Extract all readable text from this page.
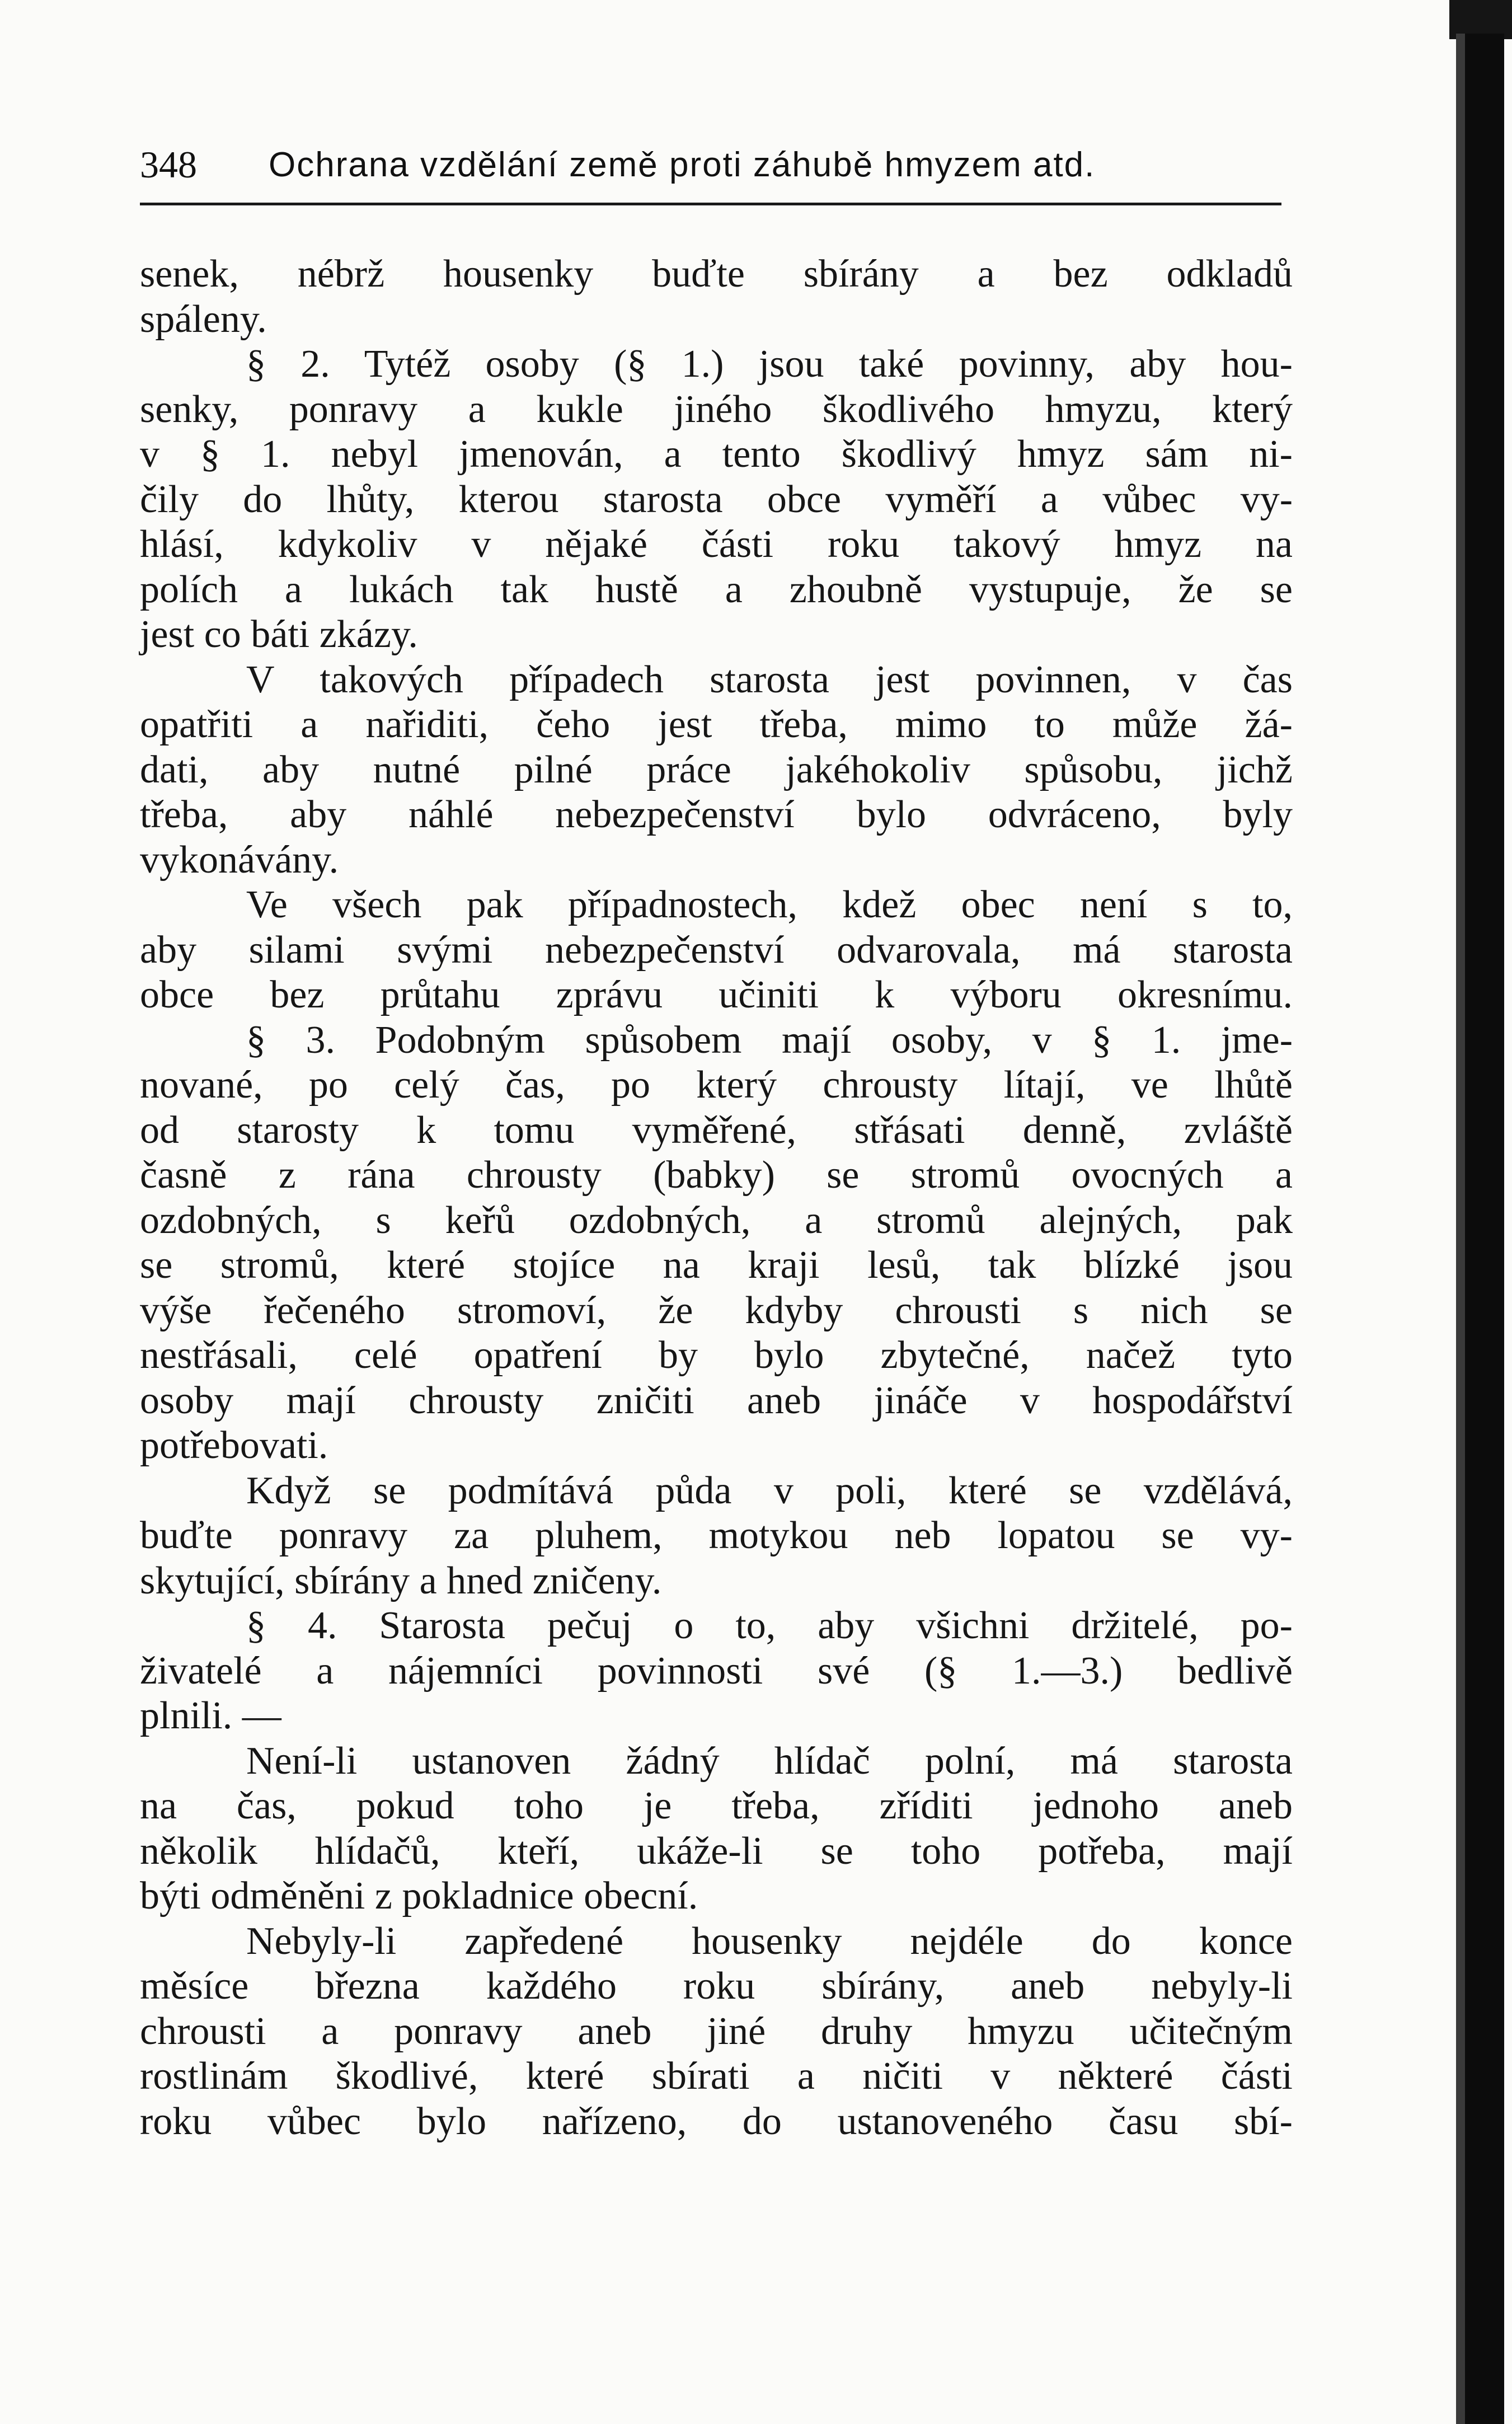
348 Ochrana vzdělání země proti záhubě hmyzem atd.
senek, nébrž housenky buďte sbírány a bez odkladů
spáleny.
§ 2. Tytéž osoby (§ 1.) jsou také povinny, aby hou-
senky, ponravy a kukle jiného škodlivého hmyzu, který
v § 1. nebyl jmenován, a tento škodlivý hmyz sám ni-
čily do lhůty, kterou starosta obce vyměří a vůbec vy-
hlásí, kdykoliv v nějaké části roku takový hmyz na
polích a lukách tak hustě a zhoubně vystupuje, že se
jest co báti zkázy.
V takových případech starosta jest povinnen, v čas
opatřiti a nařiditi, čeho jest třeba, mimo to může žá-
dati, aby nutné pilné práce jakéhokoliv spůsobu, jichž
třeba, aby náhlé nebezpečenství bylo odvráceno, byly
vykonávány.
Ve všech pak případnostech, kdež obec není s to,
aby silami svými nebezpečenství odvarovala, má starosta
obce bez průtahu zprávu učiniti k výboru okresnímu.
§ 3. Podobným spůsobem mají osoby, v § 1. jme-
nované, po celý čas, po který chrousty lítají, ve lhůtě
od starosty k tomu vyměřené, střásati denně, zvláště
časně z rána chrousty (babky) se stromů ovocných a
ozdobných, s keřů ozdobných, a stromů alejných, pak
se stromů, které stojíce na kraji lesů, tak blízké jsou
výše řečeného stromoví, že kdyby chrousti s nich se
nestřásali, celé opatření by bylo zbytečné, načež tyto
osoby mají chrousty zničiti aneb jináče v hospodářství
potřebovati.
Když se podmítává půda v poli, které se vzdělává,
buďte ponravy za pluhem, motykou neb lopatou se vy-
skytující, sbírány a hned zničeny.
§ 4. Starosta pečuj o to, aby všichni držitelé, po-
živatelé a nájemníci povinnosti své (§ 1.—3.) bedlivě
plnili. —
Není-li ustanoven žádný hlídač polní, má starosta
na čas, pokud toho je třeba, zříditi jednoho aneb
několik hlídačů, kteří, ukáže-li se toho potřeba, mají
býti odměněni z pokladnice obecní.
Nebyly-li zapředené housenky nejdéle do konce
měsíce března každého roku sbírány, aneb nebyly-li
chrousti a ponravy aneb jiné druhy hmyzu učitečným
rostlinám škodlivé, které sbírati a ničiti v některé části
roku vůbec bylo nařízeno, do ustanoveného času sbí-
